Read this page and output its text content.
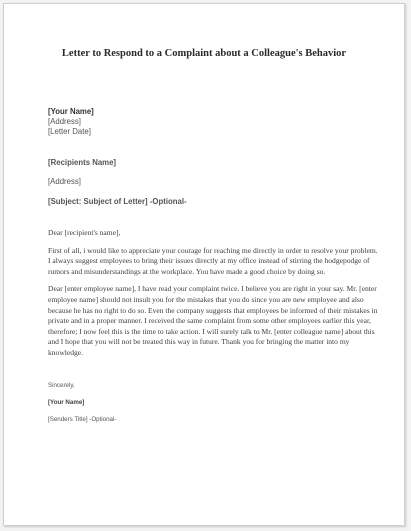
Letter to Respond to a Complaint about a Colleague's Behavior
[Your Name]
[Address]
[Letter Date]
[Recipients Name]
[Address]
[Subject: Subject of Letter] -Optional-

Dear [recipient's name],

First of all, i would like to appreciate your courage for reaching me directly in order to resolve your problem. I always suggest employees to bring their issues directly at my office instead of stirring the hodgepodge of rumors and misunderstandings at the workplace. You have made a good choice by doing so.

Dear [enter employee name], I have read your complaint twice. I believe you are right in your say. Mr. [enter employee name] should not insult you for the mistakes that you do since you are new employee and also because he has no right to do so. Even the company suggests that employees be informed of their mistakes in private and in a proper manner. I received the same complaint from some other employees earlier this year, therefore; I now feel this is the time to take action. I will surely talk to Mr. [enter colleague name] about this and I hope that you will not be treated this way in future. Thank you for bringing the matter into my knowledge.

Sincerely,
[Your Name]
[Senders Title] -Optional-
